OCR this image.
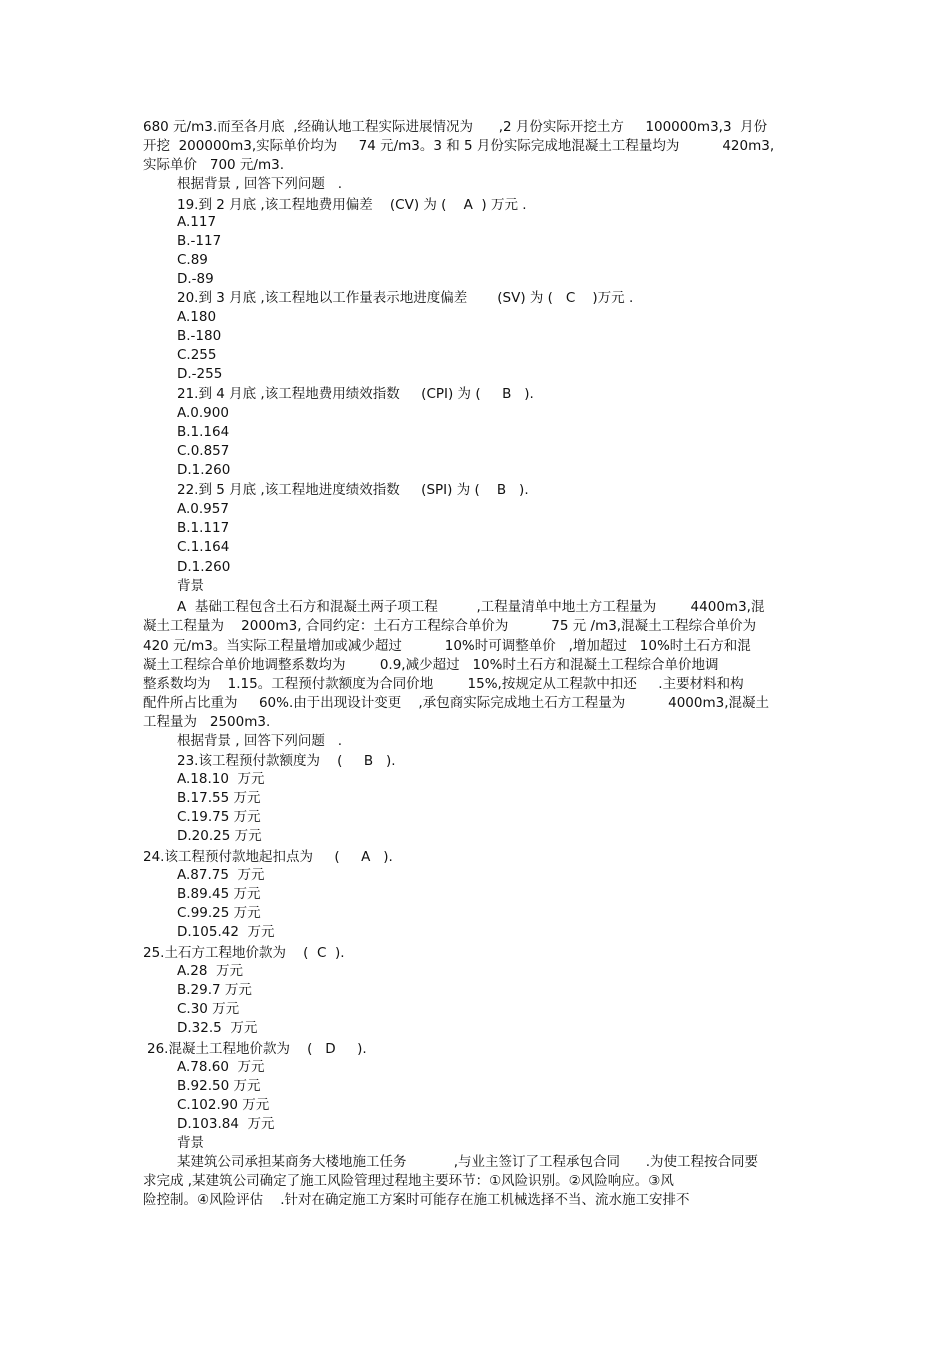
680 元/m3.而至各月底  ,经确认地工程实际进展情况为      ,2 月份实际开挖土方     100000m3,3  月份
开挖  200000m3,实际单价均为     74 元/m3。3 和 5 月份实际完成地混凝土工程量均为          420m3,
实际单价   700 元/m3.
根据背景 , 回答下列问题   .
19.到 2 月底 ,该工程地费用偏差    (CV) 为 (    A  ) 万元 .
A.117
B.-117
C.89
D.-89
20.到 3 月底 ,该工程地以工作量表示地进度偏差       (SV) 为 (   C    )万元 .
A.180
B.-180
C.255
D.-255
21.到 4 月底 ,该工程地费用绩效指数     (CPI) 为 (     B   ).
A.0.900
B.1.164
C.0.857
D.1.260
22.到 5 月底 ,该工程地进度绩效指数     (SPI) 为 (    B   ).
A.0.957
B.1.117
C.1.164
D.1.260
背景
A  基础工程包含土石方和混凝土两子项工程         ,工程量清单中地土方工程量为        4400m3,混
凝土工程量为    2000m3, 合同约定：土石方工程综合单价为          75 元 /m3,混凝土工程综合单价为
420 元/m3。当实际工程量增加或减少超过          10%时可调整单价   ,增加超过   10%时土石方和混
凝土工程综合单价地调整系数均为        0.9,减少超过   10%时土石方和混凝土工程综合单价地调
整系数均为    1.15。工程预付款额度为合同价地        15%,按规定从工程款中扣还     .主要材料和构
配件所占比重为     60%.由于出现设计变更    ,承包商实际完成地土石方工程量为          4000m3,混凝土
工程量为   2500m3.
根据背景 , 回答下列问题   .
23.该工程预付款额度为    (     B   ).
A.18.10  万元
B.17.55 万元
C.19.75 万元
D.20.25 万元
24.该工程预付款地起扣点为     (     A   ).
A.87.75  万元
B.89.45 万元
C.99.25 万元
D.105.42  万元
25.土石方工程地价款为    (  C  ).
A.28  万元
B.29.7 万元
C.30 万元
D.32.5  万元
26.混凝土工程地价款为    (   D     ).
A.78.60  万元
B.92.50 万元
C.102.90 万元
D.103.84  万元
背景
某建筑公司承担某商务大楼地施工任务           ,与业主签订了工程承包合同      .为使工程按合同要
求完成 ,某建筑公司确定了施工风险管理过程地主要环节：①风险识别。②风险响应。③风
险控制。④风险评估    .针对在确定施工方案时可能存在施工机械选择不当、流水施工安排不
